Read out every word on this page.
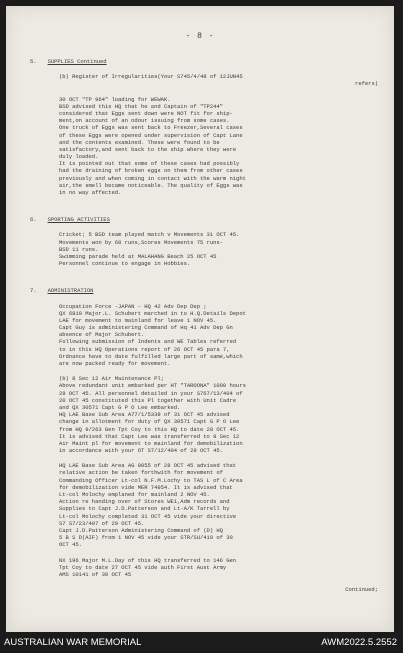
- 8 -
5. SUPPLIES Continued
(b) Register of Irregularities(Your S745/4/48 of 12JUN45
refers)
30 OCT "TP 964" loading for WEWAK.
BSD advised this HQ that he and Captain of "TP244"
considered that Eggs sent down were NOT fit for ship-
ment,on account of an odour issuing from some cases.
One truck of Eggs was sent back to Freezer,Several cases
of these Eggs were opened under supervision of Capt Lane
and the contents examined. These were found to be
satisfactory,and sent back to the ship where they were
duly loaded.
It is pointed out that some of these cases had possibly
had the draining of broken eggs on them from other cases
previously and when coming in contact with the warm night
air,the smell became noticeable. The quality of Eggs was
in no way affected.
6. SPORTING ACTIVITIES
Cricket; 5 BSD team played match v Movements 31 OCT 45.
Movements won by 68 runs,Scores Movements 75 runs-
BSD 11 runs.
Swimming parade held at MALAHANG Beach 25 OCT 45
Personnel continue to engage in Hobbies.
7. ADMINISTRATION
Occupation Force -JAPAN - HQ 42 Adv Dep Dep ;
QX 6819 Major.L. Schubert marched in to H.Q.Details Depot
LAE for movement to mainland for leave 1 NOV 45.
Capt Guy is administering Command of Hq 41 Adv Dep Gn
absence of Major Schubert.
Following submission of Indents and WE Tables referred
to in this HQ Operations report of 26 OCT 45 para 7,
Ordnance have to date fulfilled large part of same,which
are now packed ready for movement.
(b) 8 Sec 12 Air Maintenance Pl;
Above redundant unit embarked per HT "TAROONA" 1000 hours
29 OCT 45. All personnel detailed in your S767/13/404 of
20 OCT 45 constituted this Pl together with Unit Cadre
and QX 30571 Capt G P O Lee embarked.
HQ LAE Base Sub Area A77/1/5338 of 31 OCT 45 advised
change in allotment for duty of QX 30571 Capt G P O Lee
from HQ 9/263 Gen Tpt Coy to this HQ to date 28 OCT 45.
It is advised that Capt Lee was transferred to 8 Sec 12
Air Maint pl for movement to mainland for demobilization
in accordance with your OT S7/12/404 of 29 OCT 45.
HQ LAE Base Sub Area AG 8055 of 28 OCT 45 advised that
relative action be taken forthwith for movement of
Commanding Officer Lt-col N.F.M.Lochy to TAS L of C Area
for demobilization vide MER 74954. It is advised that
Lt-col Molochy emplaned for mainland 2 NOV 45.
Action re handing over of Stores WE1,Adm records and
Supplies to Capt J.D.Patterson and Lt-A/K Tarrell by
Lt-col Molochy completed 31 OCT 45 vide your directive
S7 S7/23/407 of 29 OCT 45.
Capt J.D.Patterson Administering Command of (D) HQ
5 B S D(AIF) from 1 NOV 45 vide your STR/SU/410 of 30
OCT 45.
NX 196 Major M.L.Day of this HQ transferred to 146 Gen
Tpt Coy to date 27 OCT 45 vide auth First Aust Army
AMS 10141 of 30 OCT 45
Continued;
AUSTRALIAN WAR MEMORIAL	AWM2022.5.2552
